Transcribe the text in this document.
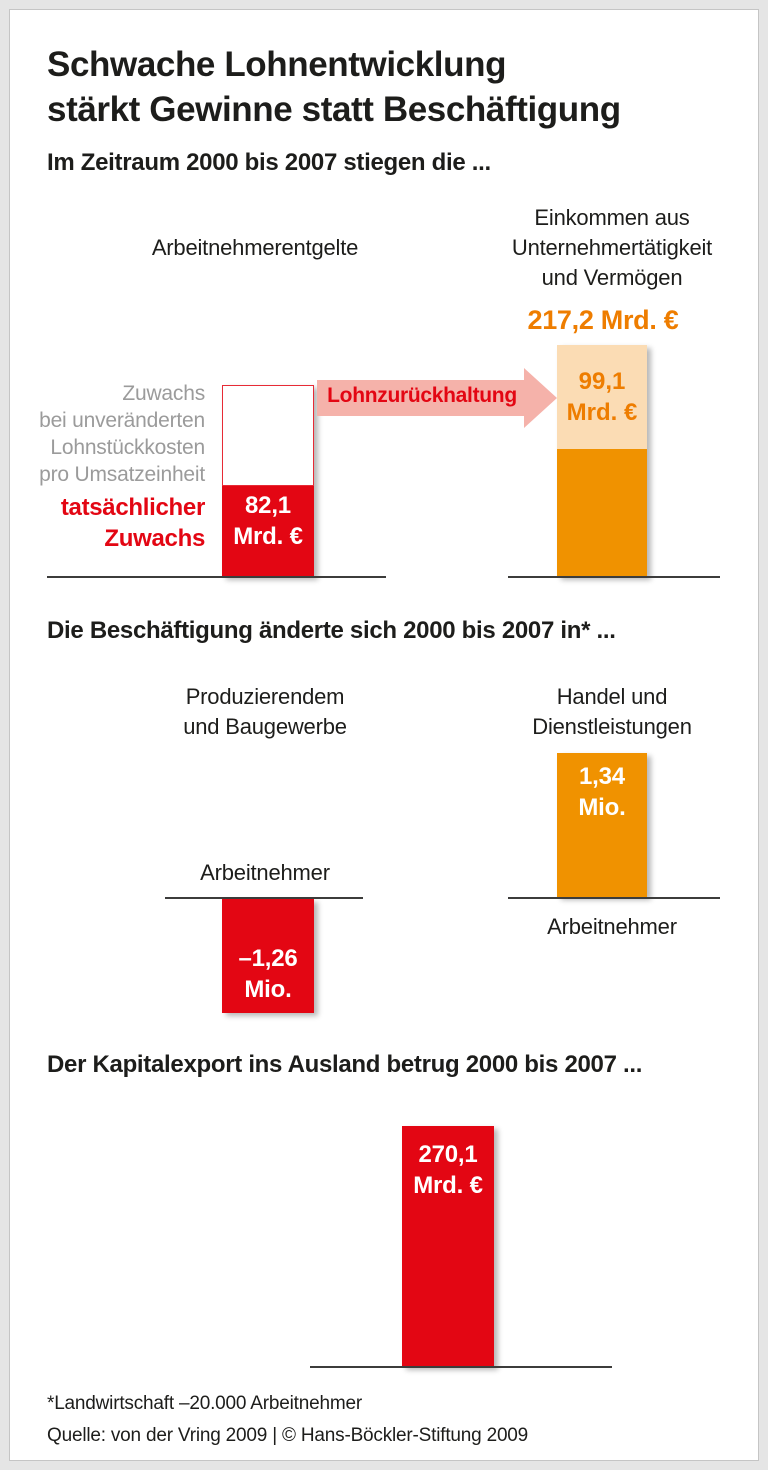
Schwache Lohnentwicklung
stärkt Gewinne statt Beschäftigung
Im Zeitraum 2000 bis 2007 stiegen die ...
Arbeitnehmerentgelte
Einkommen aus
Unternehmertätigkeit
und Vermögen
217,2 Mrd. €
Zuwachs
bei unveränderten
Lohnstückkosten
pro Umsatzeinheit
tatsächlicher
Zuwachs
82,1
Mrd. €
Lohnzurückhaltung
99,1
Mrd. €
Die Beschäftigung änderte sich 2000 bis 2007 in* ...
Produzierendem
und Baugewerbe
Handel und
Dienstleistungen
1,34
Mio.
Arbeitnehmer
Arbeitnehmer
–1,26
Mio.
Der Kapitalexport ins Ausland betrug 2000 bis 2007 ...
270,1
Mrd. €
*Landwirtschaft –20.000 Arbeitnehmer
Quelle: von der Vring 2009 | © Hans-Böckler-Stiftung 2009
